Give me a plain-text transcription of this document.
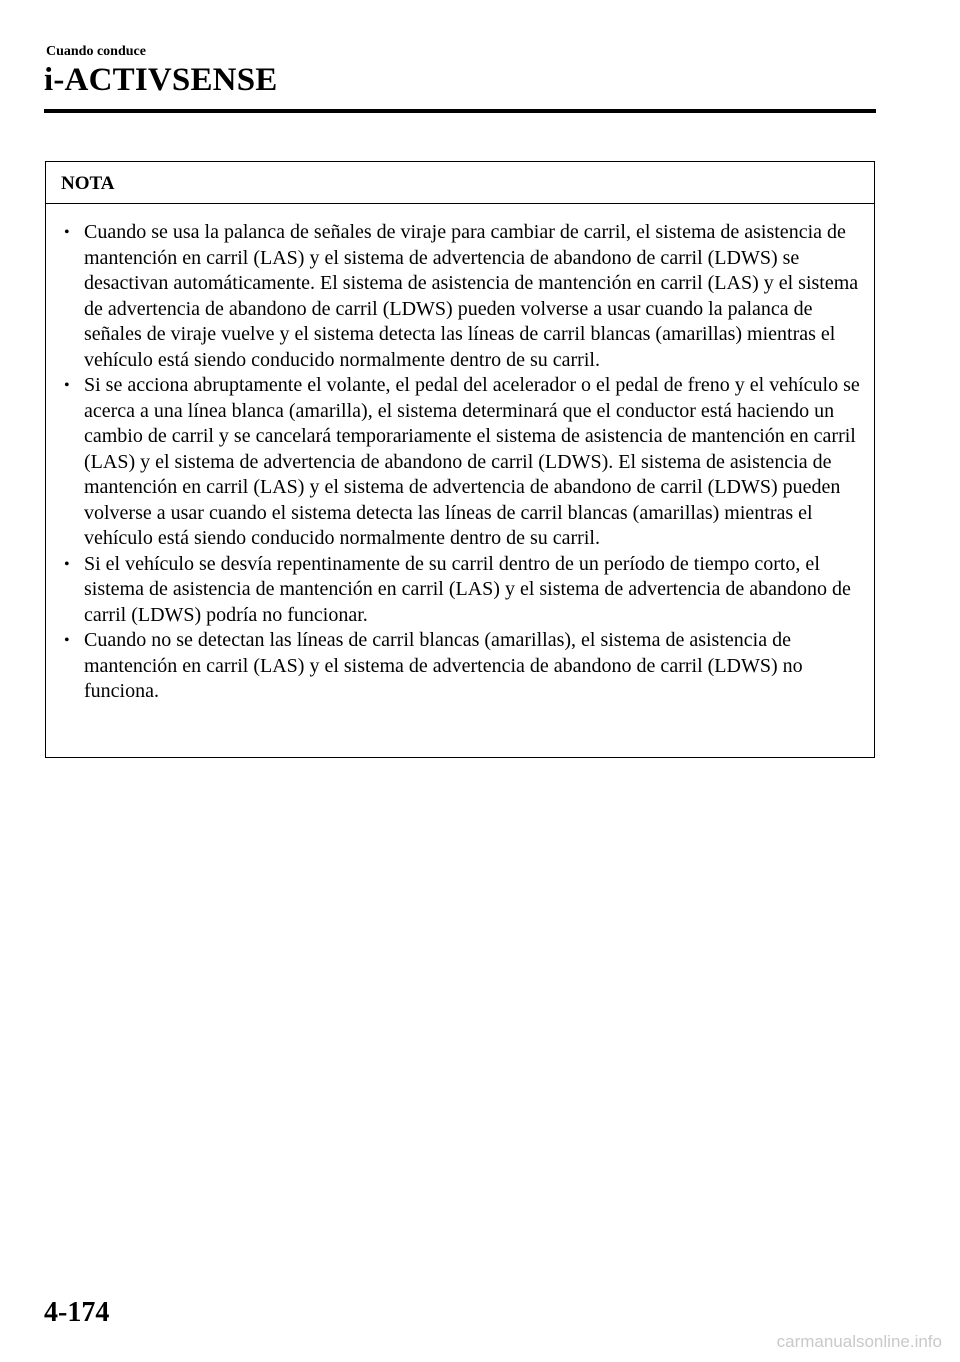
Cuando conduce
i-ACTIVSENSE
NOTA
• Cuando se usa la palanca de señales de viraje para cambiar de carril, el sistema de asistencia de mantención en carril (LAS) y el sistema de advertencia de abandono de carril (LDWS) se desactivan automáticamente. El sistema de asistencia de mantención en carril (LAS) y el sistema de advertencia de abandono de carril (LDWS) pueden volverse a usar cuando la palanca de señales de viraje vuelve y el sistema detecta las líneas de carril blancas (amarillas) mientras el vehículo está siendo conducido normalmente dentro de su carril.
• Si se acciona abruptamente el volante, el pedal del acelerador o el pedal de freno y el vehículo se acerca a una línea blanca (amarilla), el sistema determinará que el conductor está haciendo un cambio de carril y se cancelará temporariamente el sistema de asistencia de mantención en carril (LAS) y el sistema de advertencia de abandono de carril (LDWS). El sistema de asistencia de mantención en carril (LAS) y el sistema de advertencia de abandono de carril (LDWS) pueden volverse a usar cuando el sistema detecta las líneas de carril blancas (amarillas) mientras el vehículo está siendo conducido normalmente dentro de su carril.
• Si el vehículo se desvía repentinamente de su carril dentro de un período de tiempo corto, el sistema de asistencia de mantención en carril (LAS) y el sistema de advertencia de abandono de carril (LDWS) podría no funcionar.
• Cuando no se detectan las líneas de carril blancas (amarillas), el sistema de asistencia de mantención en carril (LAS) y el sistema de advertencia de abandono de carril (LDWS) no funciona.
4-174
carmanualsonline.info
